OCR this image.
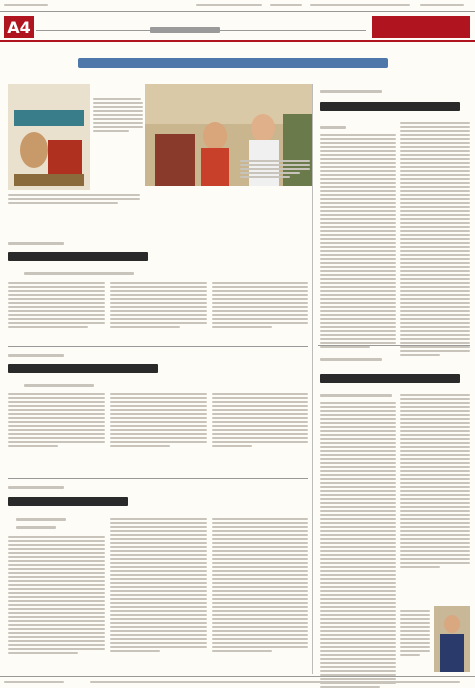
A4
